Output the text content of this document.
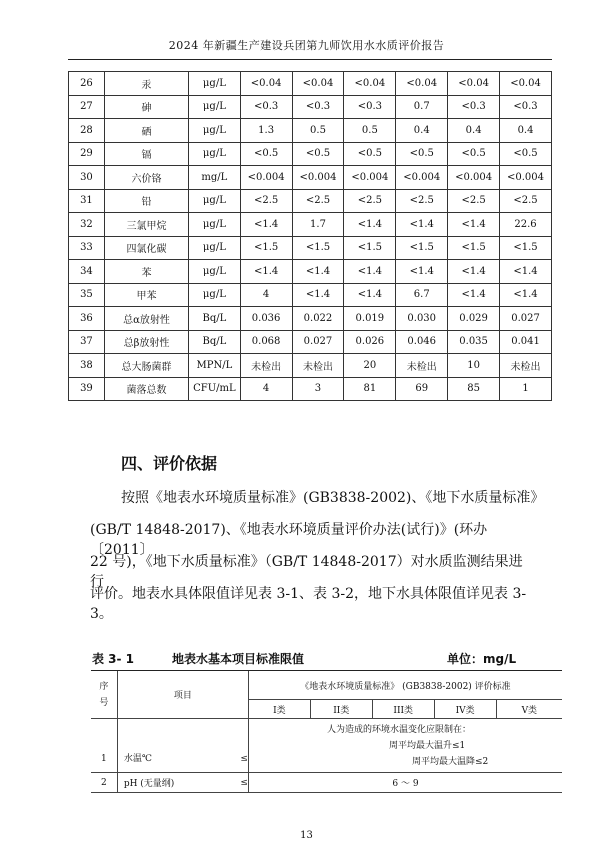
2024 年新疆生产建设兵团第九师饮用水水质评价报告
26	汞	μg/L	<0.04	<0.04	<0.04	<0.04	<0.04	<0.04
27	砷	μg/L	<0.3	<0.3	<0.3	0.7	<0.3	<0.3
28	硒	μg/L	1.3	0.5	0.5	0.4	0.4	0.4
29	镉	μg/L	<0.5	<0.5	<0.5	<0.5	<0.5	<0.5
30	六价铬	mg/L	<0.004	<0.004	<0.004	<0.004	<0.004	<0.004
31	铅	μg/L	<2.5	<2.5	<2.5	<2.5	<2.5	<2.5
32	三氯甲烷	μg/L	<1.4	1.7	<1.4	<1.4	<1.4	22.6
33	四氯化碳	μg/L	<1.5	<1.5	<1.5	<1.5	<1.5	<1.5
34	苯	μg/L	<1.4	<1.4	<1.4	<1.4	<1.4	<1.4
35	甲苯	μg/L	4	<1.4	<1.4	6.7	<1.4	<1.4
36	总α放射性	Bq/L	0.036	0.022	0.019	0.030	0.029	0.027
37	总β放射性	Bq/L	0.068	0.027	0.026	0.046	0.035	0.041
38	总大肠菌群	MPN/L	未检出	未检出	20	未检出	10	未检出
39	菌落总数	CFU/mL	4	3	81	69	85	1
四、评价依据
按照《地表水环境质量标准》(GB3838-2002)、《地下水质量标准》
(GB/T 14848-2017)、《地表水环境质量评价办法(试行)》(环办〔2011〕
22 号)，《地下水质量标准》（GB/T 14848-2017）对水质监测结果进行
评价。地表水具体限值详见表 3-1、表 3-2，地下水具体限值详见表 3-3。
表 3- 1	地表水基本项目标准限值	单位：mg/L
序
号	项目		《地表水环境质量标准》 (GB3838-2002) 评价标准				
			I类	II类	III类	IV类	V类
1	水温℃	≤	人为造成的环境水温变化应限制在：
周平均最大温升≤1
周平均最大温降≤2				

2	pH (无量纲)	≤	6 ～ 9				
13
